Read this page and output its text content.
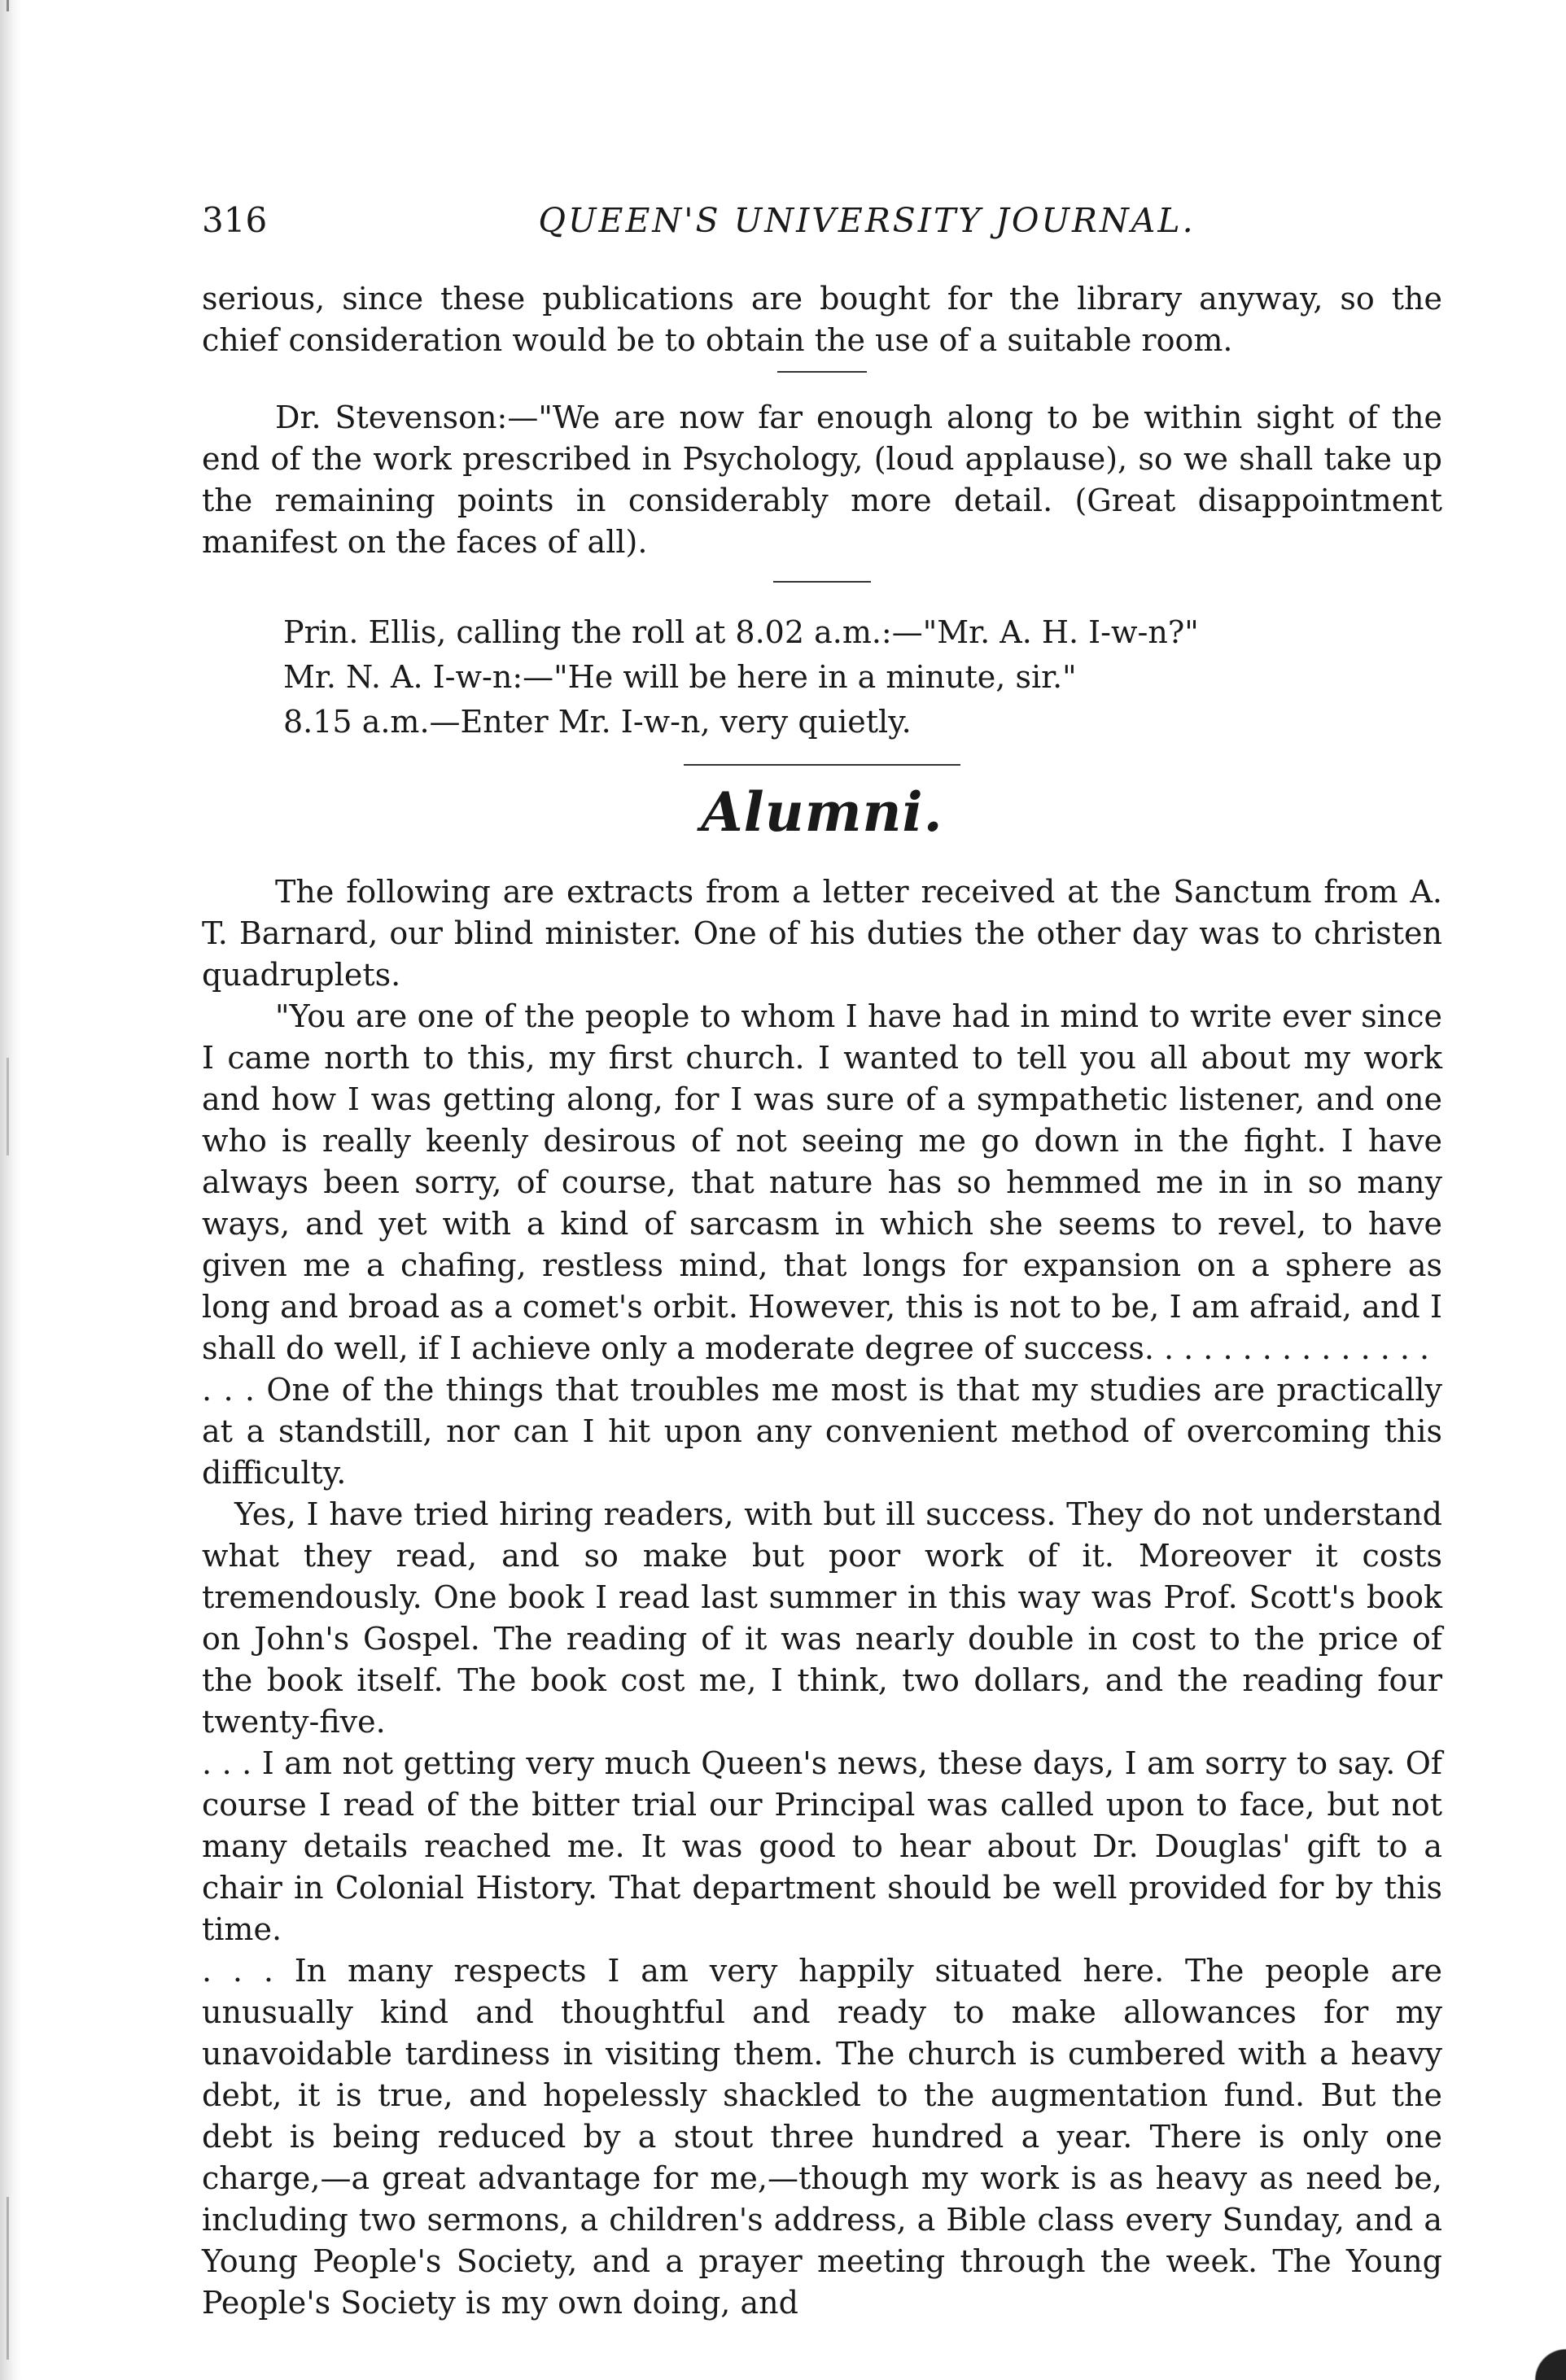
316	QUEEN'S UNIVERSITY JOURNAL.

serious, since these publications are bought for the library anyway, so the chief consideration would be to obtain the use of a suitable room.

Dr. Stevenson:—"We are now far enough along to be within sight of the end of the work prescribed in Psychology, (loud applause), so we shall take up the remaining points in considerably more detail. (Great disappointment manifest on the faces of all).

Prin. Ellis, calling the roll at 8.02 a.m.:—"Mr. A. H. I-w-n?"
Mr. N. A. I-w-n:—"He will be here in a minute, sir."
8.15 a.m.—Enter Mr. I-w-n, very quietly.
Alumni.

The following are extracts from a letter received at the Sanctum from A. T. Barnard, our blind minister. One of his duties the other day was to christen quadruplets.

"You are one of the people to whom I have had in mind to write ever since I came north to this, my first church. I wanted to tell you all about my work and how I was getting along, for I was sure of a sympathetic listener, and one who is really keenly desirous of not seeing me go down in the fight. I have always been sorry, of course, that nature has so hemmed me in in so many ways, and yet with a kind of sarcasm in which she seems to revel, to have given me a chafing, restless mind, that longs for expansion on a sphere as long and broad as a comet's orbit. However, this is not to be, I am afraid, and I shall do well, if I achieve only a moderate degree of success. . . . . . . . . . . . . . .

. . . One of the things that troubles me most is that my studies are practically at a standstill, nor can I hit upon any convenient method of overcoming this difficulty.

Yes, I have tried hiring readers, with but ill success. They do not understand what they read, and so make but poor work of it. Moreover it costs tremendously. One book I read last summer in this way was Prof. Scott's book on John's Gospel. The reading of it was nearly double in cost to the price of the book itself. The book cost me, I think, two dollars, and the reading four twenty-five.

. . . I am not getting very much Queen's news, these days, I am sorry to say. Of course I read of the bitter trial our Principal was called upon to face, but not many details reached me. It was good to hear about Dr. Douglas' gift to a chair in Colonial History. That department should be well provided for by this time.

. . . In many respects I am very happily situated here. The people are unusually kind and thoughtful and ready to make allowances for my unavoidable tardiness in visiting them. The church is cumbered with a heavy debt, it is true, and hopelessly shackled to the augmentation fund. But the debt is being reduced by a stout three hundred a year. There is only one charge,—a great advantage for me,—though my work is as heavy as need be, including two sermons, a children's address, a Bible class every Sunday, and a Young People's Society, and a prayer meeting through the week. The Young People's Society is my own doing, and
